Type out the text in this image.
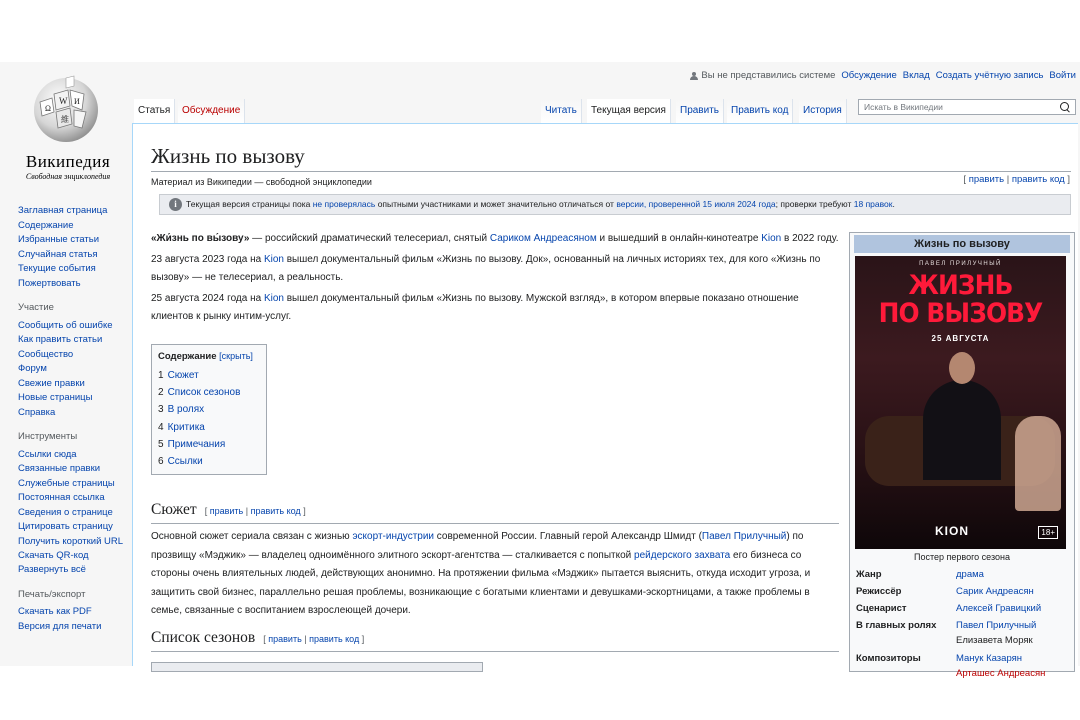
Вы не представились системе Обсуждение Вклад Создать учётную запись Войти
Ω
W И
維
Википедия
Свободная энциклопедия
Заглавная страница
Содержание
Избранные статьи
Случайная статья
Текущие события
Пожертвовать
Участие
Сообщить об ошибке
Как править статьи
Сообщество
Форум
Свежие правки
Новые страницы
Справка
Инструменты
Ссылки сюда
Связанные правки
Служебные страницы
Постоянная ссылка
Сведения о странице
Цитировать страницу
Получить короткий URL
Скачать QR-код
Развернуть всё
Печать/экспорт
Скачать как PDF
Версия для печати
Статья	Обсуждение	Читать	Текущая версия	Править	Править код	История
Искать в Википедии
Жизнь по вызову
Материал из Википедии — свободной энциклопедии	[ править | править код ]
i	Текущая версия страницы пока не проверялась опытными участниками и может значительно отличаться от версии, проверенной 15 июля 2024 года; проверки требуют 18 правок.

«Жи́знь по вы́зову» — российский драматический телесериал, снятый Сариком Андреасяном и вышедший в онлайн-кинотеатре Kion в 2022 году.

23 августа 2023 года на Kion вышел документальный фильм «Жизнь по вызову. Док», основанный на личных историях тех, для кого «Жизнь по вызову» — не телесериал, а реальность.

25 августа 2024 года на Kion вышел документальный фильм «Жизнь по вызову. Мужской взгляд», в котором впервые показано отношение клиентов к рынку интим-услуг.

Содержание [скрыть]
1 Сюжет
2 Список сезонов
3 В ролях
4 Критика
5 Примечания
6 Ссылки
Сюжет [ править | править код ]

Основной сюжет сериала связан с жизнью эскорт-индустрии современной России. Главный герой Александр Шмидт (Павел Прилучный) по прозвищу «Мэджик» — владелец одноимённого элитного эскорт-агентства — сталкивается с попыткой рейдерского захвата его бизнеса со стороны очень влиятельных людей, действующих анонимно. На протяжении фильма «Мэджик» пытается выяснить, откуда исходит угроза, и защитить свой бизнес, параллельно решая проблемы, возникающие с богатыми клиентами и девушками-эскортницами, а также проблемы в семье, связанные с воспитанием взрослеющей дочери.

Список сезонов [ править | править код ]
Жизнь по вызову
ПАВЕЛ ПРИЛУЧНЫЙ
ЖИЗНЬ
ПО ВЫЗОВУ
25 АВГУСТА
KION	18+
Постер первого сезона
Жанр	драма
Режиссёр	Сарик Андреасян
Сценарист	Алексей Гравицкий
В главных ролях	Павел Прилучный
Елизавета Моряк
Композиторы	Манук Казарян
Арташес Андреасян
